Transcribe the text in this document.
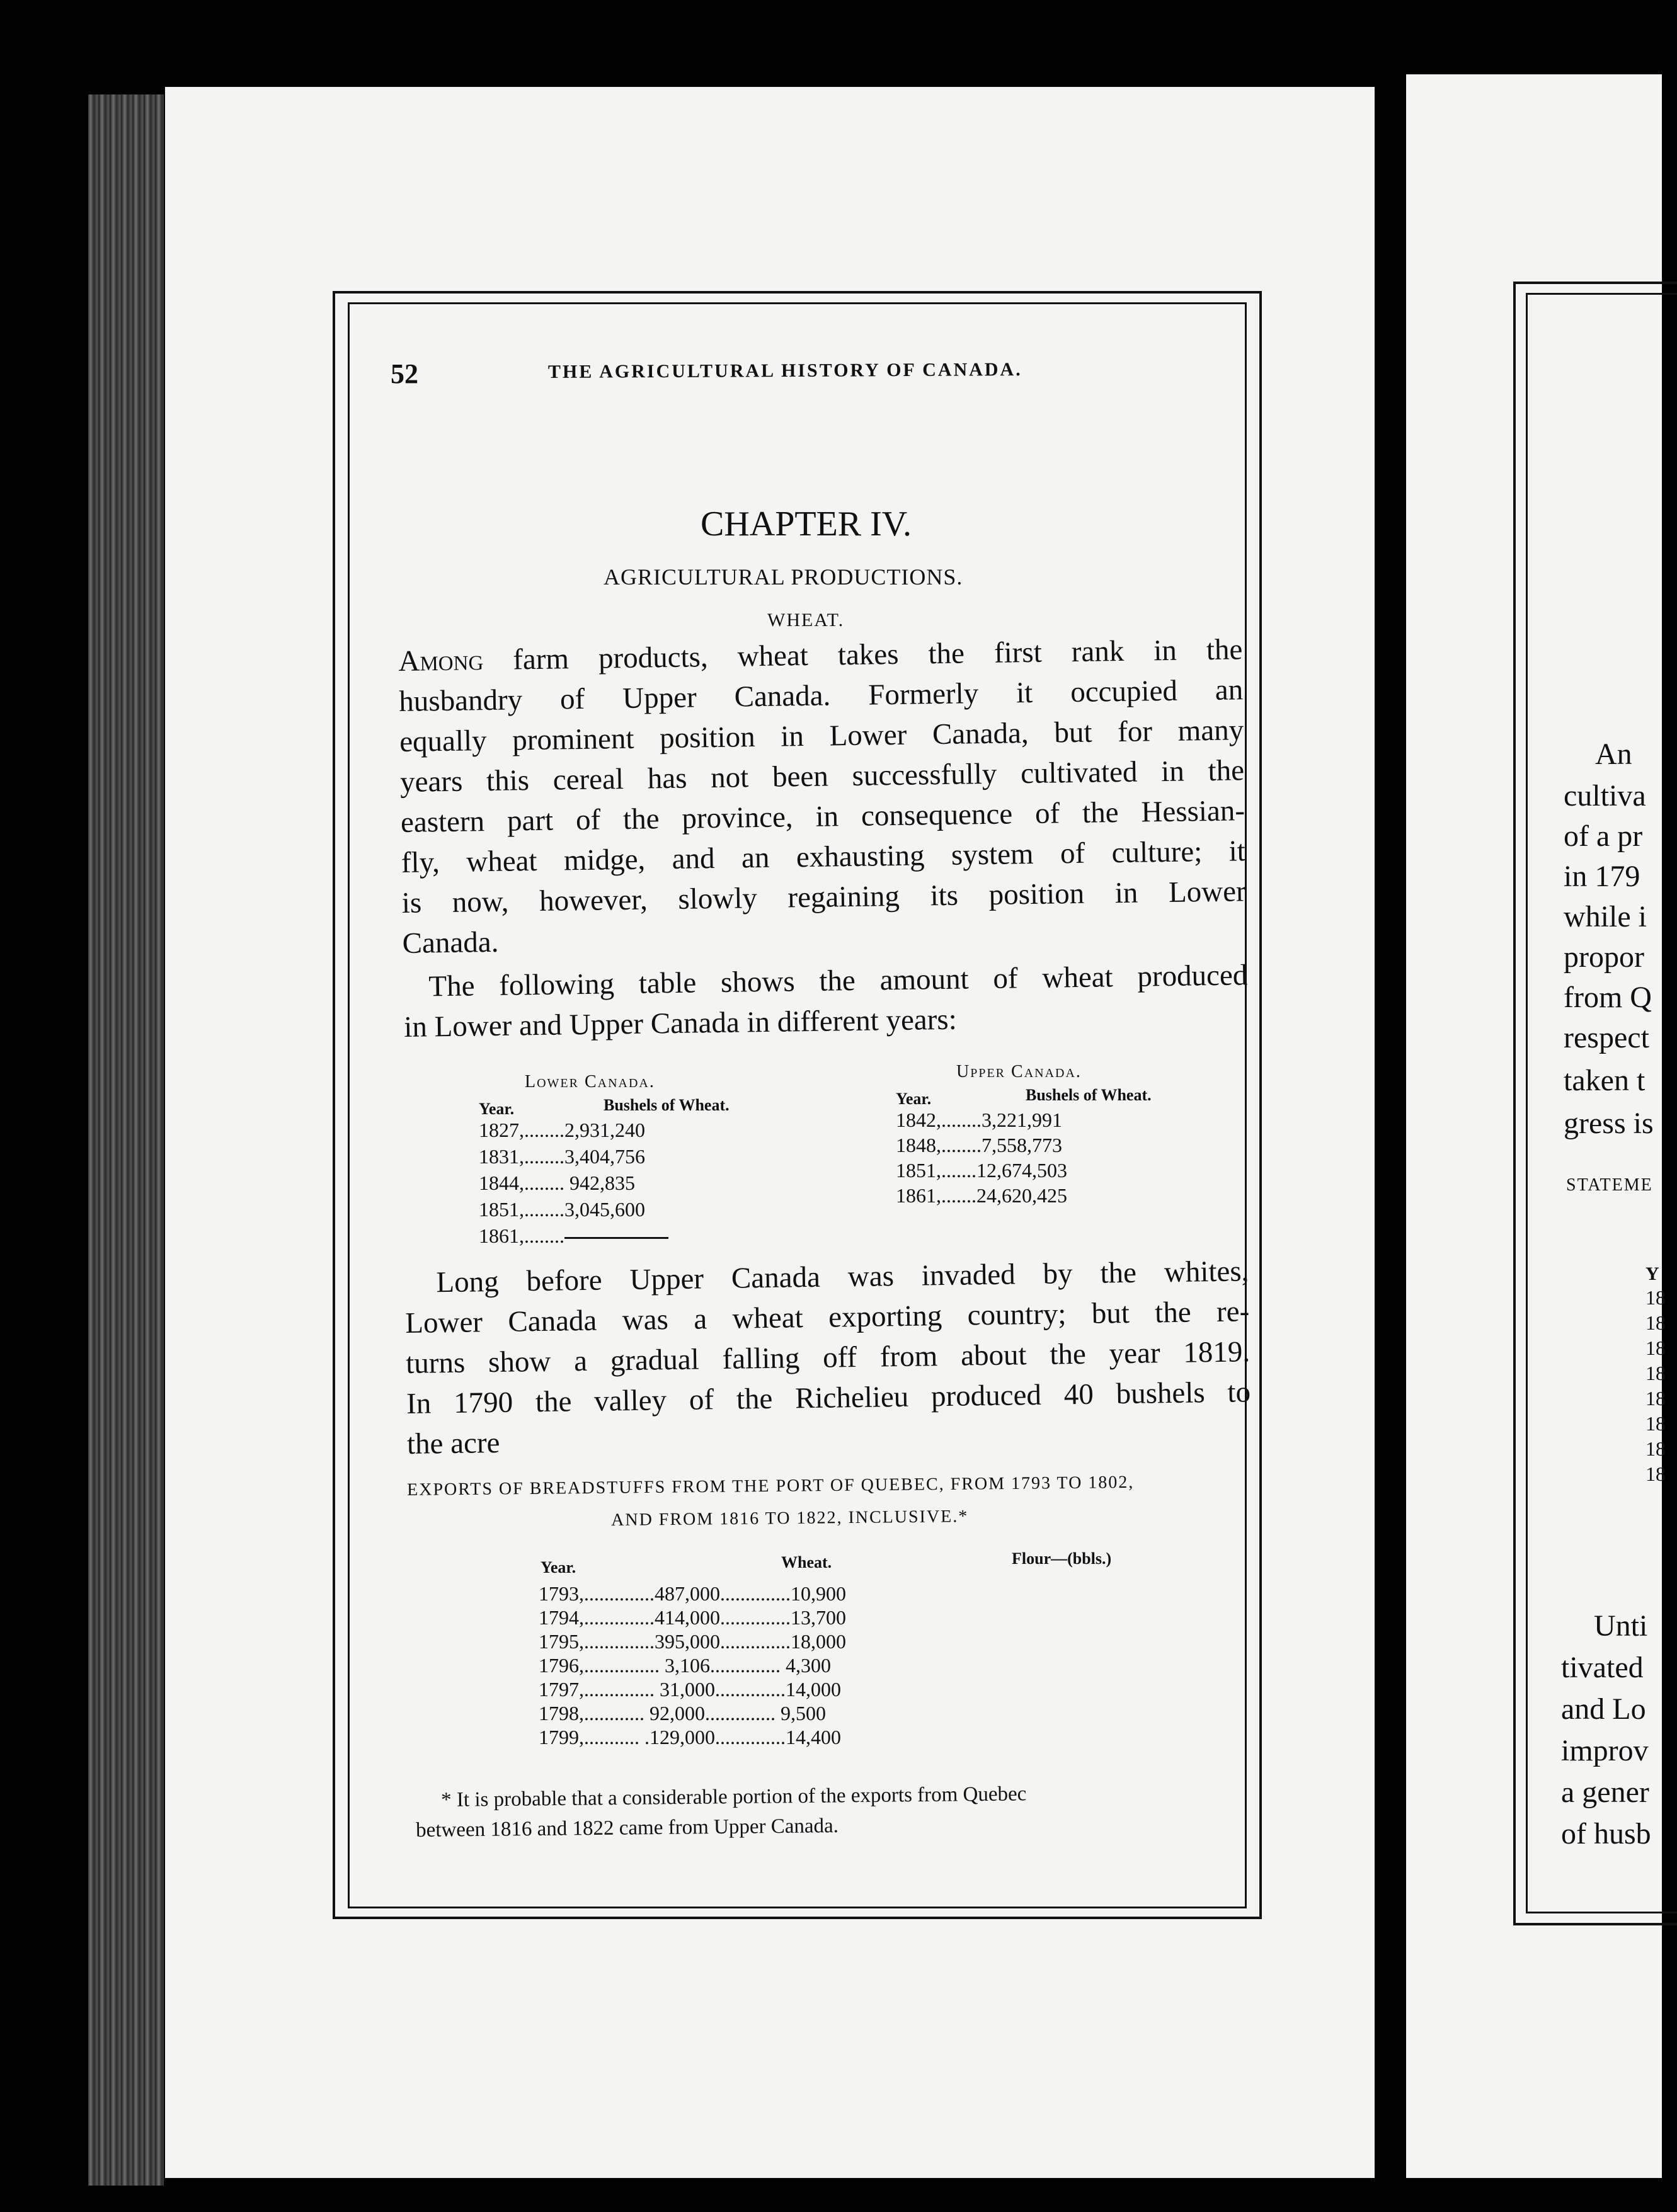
52	THE AGRICULTURAL HISTORY OF CANADA.
CHAPTER IV.
AGRICULTURAL PRODUCTIONS.
WHEAT.
Among farm products, wheat takes the first rank in the
husbandry of Upper Canada. Formerly it occupied an
equally prominent position in Lower Canada, but for many
years this cereal has not been successfully cultivated in the
eastern part of the province, in consequence of the Hessian-
fly, wheat midge, and an exhausting system of culture; it
is now, however, slowly regaining its position in Lower
Canada.
The following table shows the amount of wheat produced
in Lower and Upper Canada in different years:
Lower Canada.
Year.	Bushels of Wheat.
1827,........2,931,240
1831,........3,404,756
1844,........ 942,835
1851,........3,045,600
1861,........
Upper Canada.
Year.	Bushels of Wheat.
1842,........3,221,991
1848,........7,558,773
1851,.......12,674,503
1861,.......24,620,425
Long before Upper Canada was invaded by the whites,
Lower Canada was a wheat exporting country; but the re-
turns show a gradual falling off from about the year 1819.
In 1790 the valley of the Richelieu produced 40 bushels to
the acre
EXPORTS OF BREADSTUFFS FROM THE PORT OF QUEBEC, FROM 1793 TO 1802,
AND FROM 1816 TO 1822, INCLUSIVE.*
Year.	Wheat.	Flour—(bbls.)
1793,..............487,000..............10,900
1794,..............414,000..............13,700
1795,..............395,000..............18,000
1796,............... 3,106.............. 4,300
1797,.............. 31,000..............14,000
1798,............ 92,000.............. 9,500
1799,........... .129,000..............14,400
* It is probable that a considerable portion of the exports from Quebec
between 1816 and 1822 came from Upper Canada.
An
cultiva
of a pr
in 179
while i
propor
from Q
respect
taken t
gress is
STATEME
Y
18
18
18
18
18
18
18
18
Unti
tivated
and Lo
improv
a gener
of husb
